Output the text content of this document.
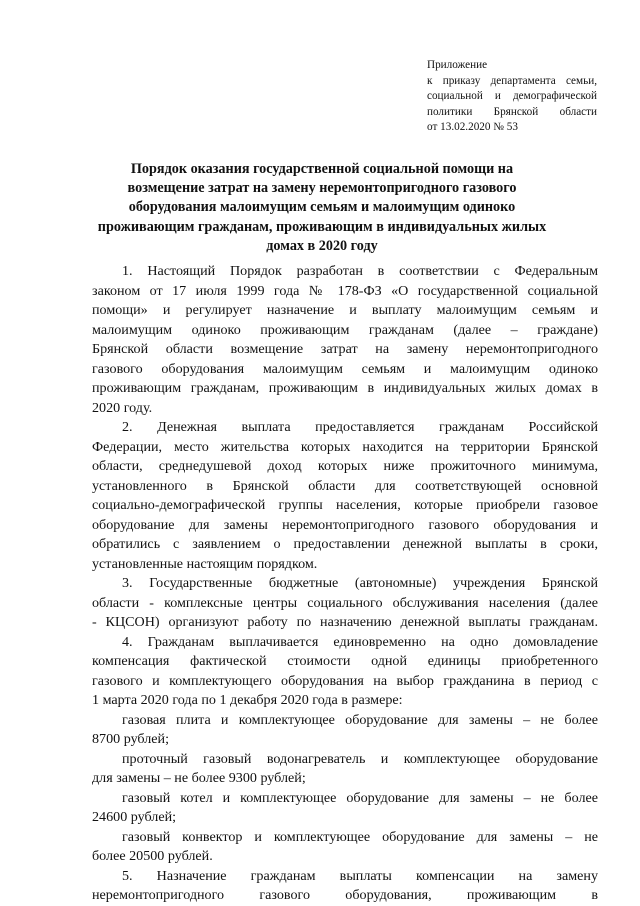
Приложение
к приказу департамента семьи,
социальной и демографической
политики Брянской области
от 13.02.2020 № 53
Порядок оказания государственной социальной помощи на
возмещение затрат на замену неремонтопригодного газового
оборудования малоимущим семьям и малоимущим одиноко
проживающим гражданам, проживающим в индивидуальных жилых
домах в 2020 году
1. Настоящий Порядок разработан в соответствии с Федеральным
законом от 17 июля 1999 года № 178-ФЗ «О государственной социальной
помощи» и регулирует назначение и выплату малоимущим семьям и
малоимущим одиноко проживающим гражданам (далее – граждане)
Брянской области возмещение затрат на замену неремонтопригодного
газового оборудования малоимущим семьям и малоимущим одиноко
проживающим гражданам, проживающим в индивидуальных жилых домах в
2020 году.
2. Денежная выплата предоставляется гражданам Российской
Федерации, место жительства которых находится на территории Брянской
области, среднедушевой доход которых ниже прожиточного минимума,
установленного в Брянской области для соответствующей основной
социально-демографической группы населения, которые приобрели газовое
оборудование для замены неремонтопригодного газового оборудования и
обратились с заявлением о предоставлении денежной выплаты в сроки,
установленные настоящим порядком.
3. Государственные бюджетные (автономные) учреждения Брянской
области - комплексные центры социального обслуживания населения (далее
- КЦСОН) организуют работу по назначению денежной выплаты гражданам.
4. Гражданам выплачивается единовременно на одно домовладение
компенсация фактической стоимости одной единицы приобретенного
газового и комплектующего оборудования на выбор гражданина в период с
1 марта 2020 года по 1 декабря 2020 года в размере:
газовая плита и комплектующее оборудование для замены – не более
8700 рублей;
проточный газовый водонагреватель и комплектующее оборудование
для замены – не более 9300 рублей;
газовый котел и комплектующее оборудование для замены – не более
24600 рублей;
газовый конвектор и комплектующее оборудование для замены – не
более 20500 рублей.
5. Назначение гражданам выплаты компенсации на замену
неремонтопригодного газового оборудования, проживающим в
